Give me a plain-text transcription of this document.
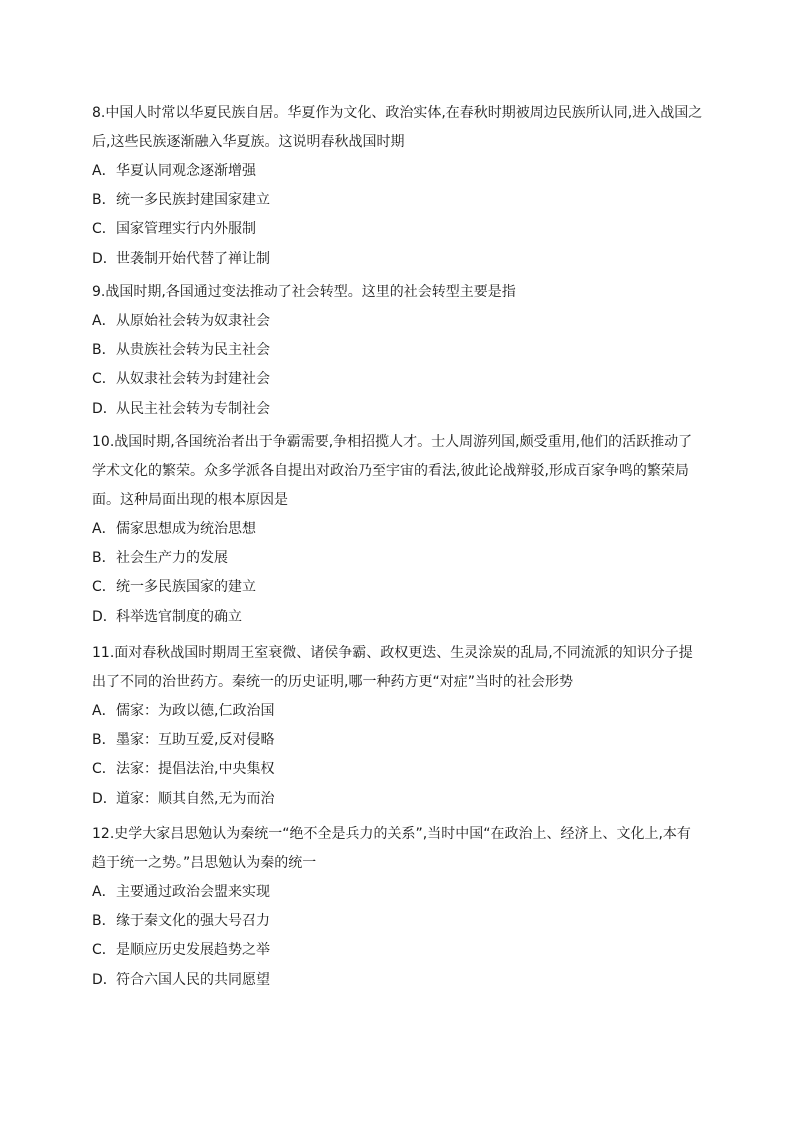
8.中国人时常以华夏民族自居。华夏作为文化、政治实体,在春秋时期被周边民族所认同,进入战国之后,这些民族逐渐融入华夏族。这说明春秋战国时期

A．华夏认同观念逐渐增强

B．统一多民族封建国家建立

C．国家管理实行内外服制

D．世袭制开始代替了禅让制

9.战国时期,各国通过变法推动了社会转型。这里的社会转型主要是指

A．从原始社会转为奴隶社会

B．从贵族社会转为民主社会

C．从奴隶社会转为封建社会

D．从民主社会转为专制社会

10.战国时期,各国统治者出于争霸需要,争相招揽人才。士人周游列国,颇受重用,他们的活跃推动了学术文化的繁荣。众多学派各自提出对政治乃至宇宙的看法,彼此论战辩驳,形成百家争鸣的繁荣局面。这种局面出现的根本原因是

A．儒家思想成为统治思想

B．社会生产力的发展

C．统一多民族国家的建立

D．科举选官制度的确立

11.面对春秋战国时期周王室衰微、诸侯争霸、政权更迭、生灵涂炭的乱局,不同流派的知识分子提出了不同的治世药方。秦统一的历史证明,哪一种药方更“对症”当时的社会形势

A．儒家：为政以德,仁政治国

B．墨家：互助互爱,反对侵略

C．法家：提倡法治,中央集权

D．道家：顺其自然,无为而治

12.史学大家吕思勉认为秦统一“绝不全是兵力的关系”,当时中国“在政治上、经济上、文化上,本有趋于统一之势。”吕思勉认为秦的统一

A．主要通过政治会盟来实现

B．缘于秦文化的强大号召力

C．是顺应历史发展趋势之举

D．符合六国人民的共同愿望
